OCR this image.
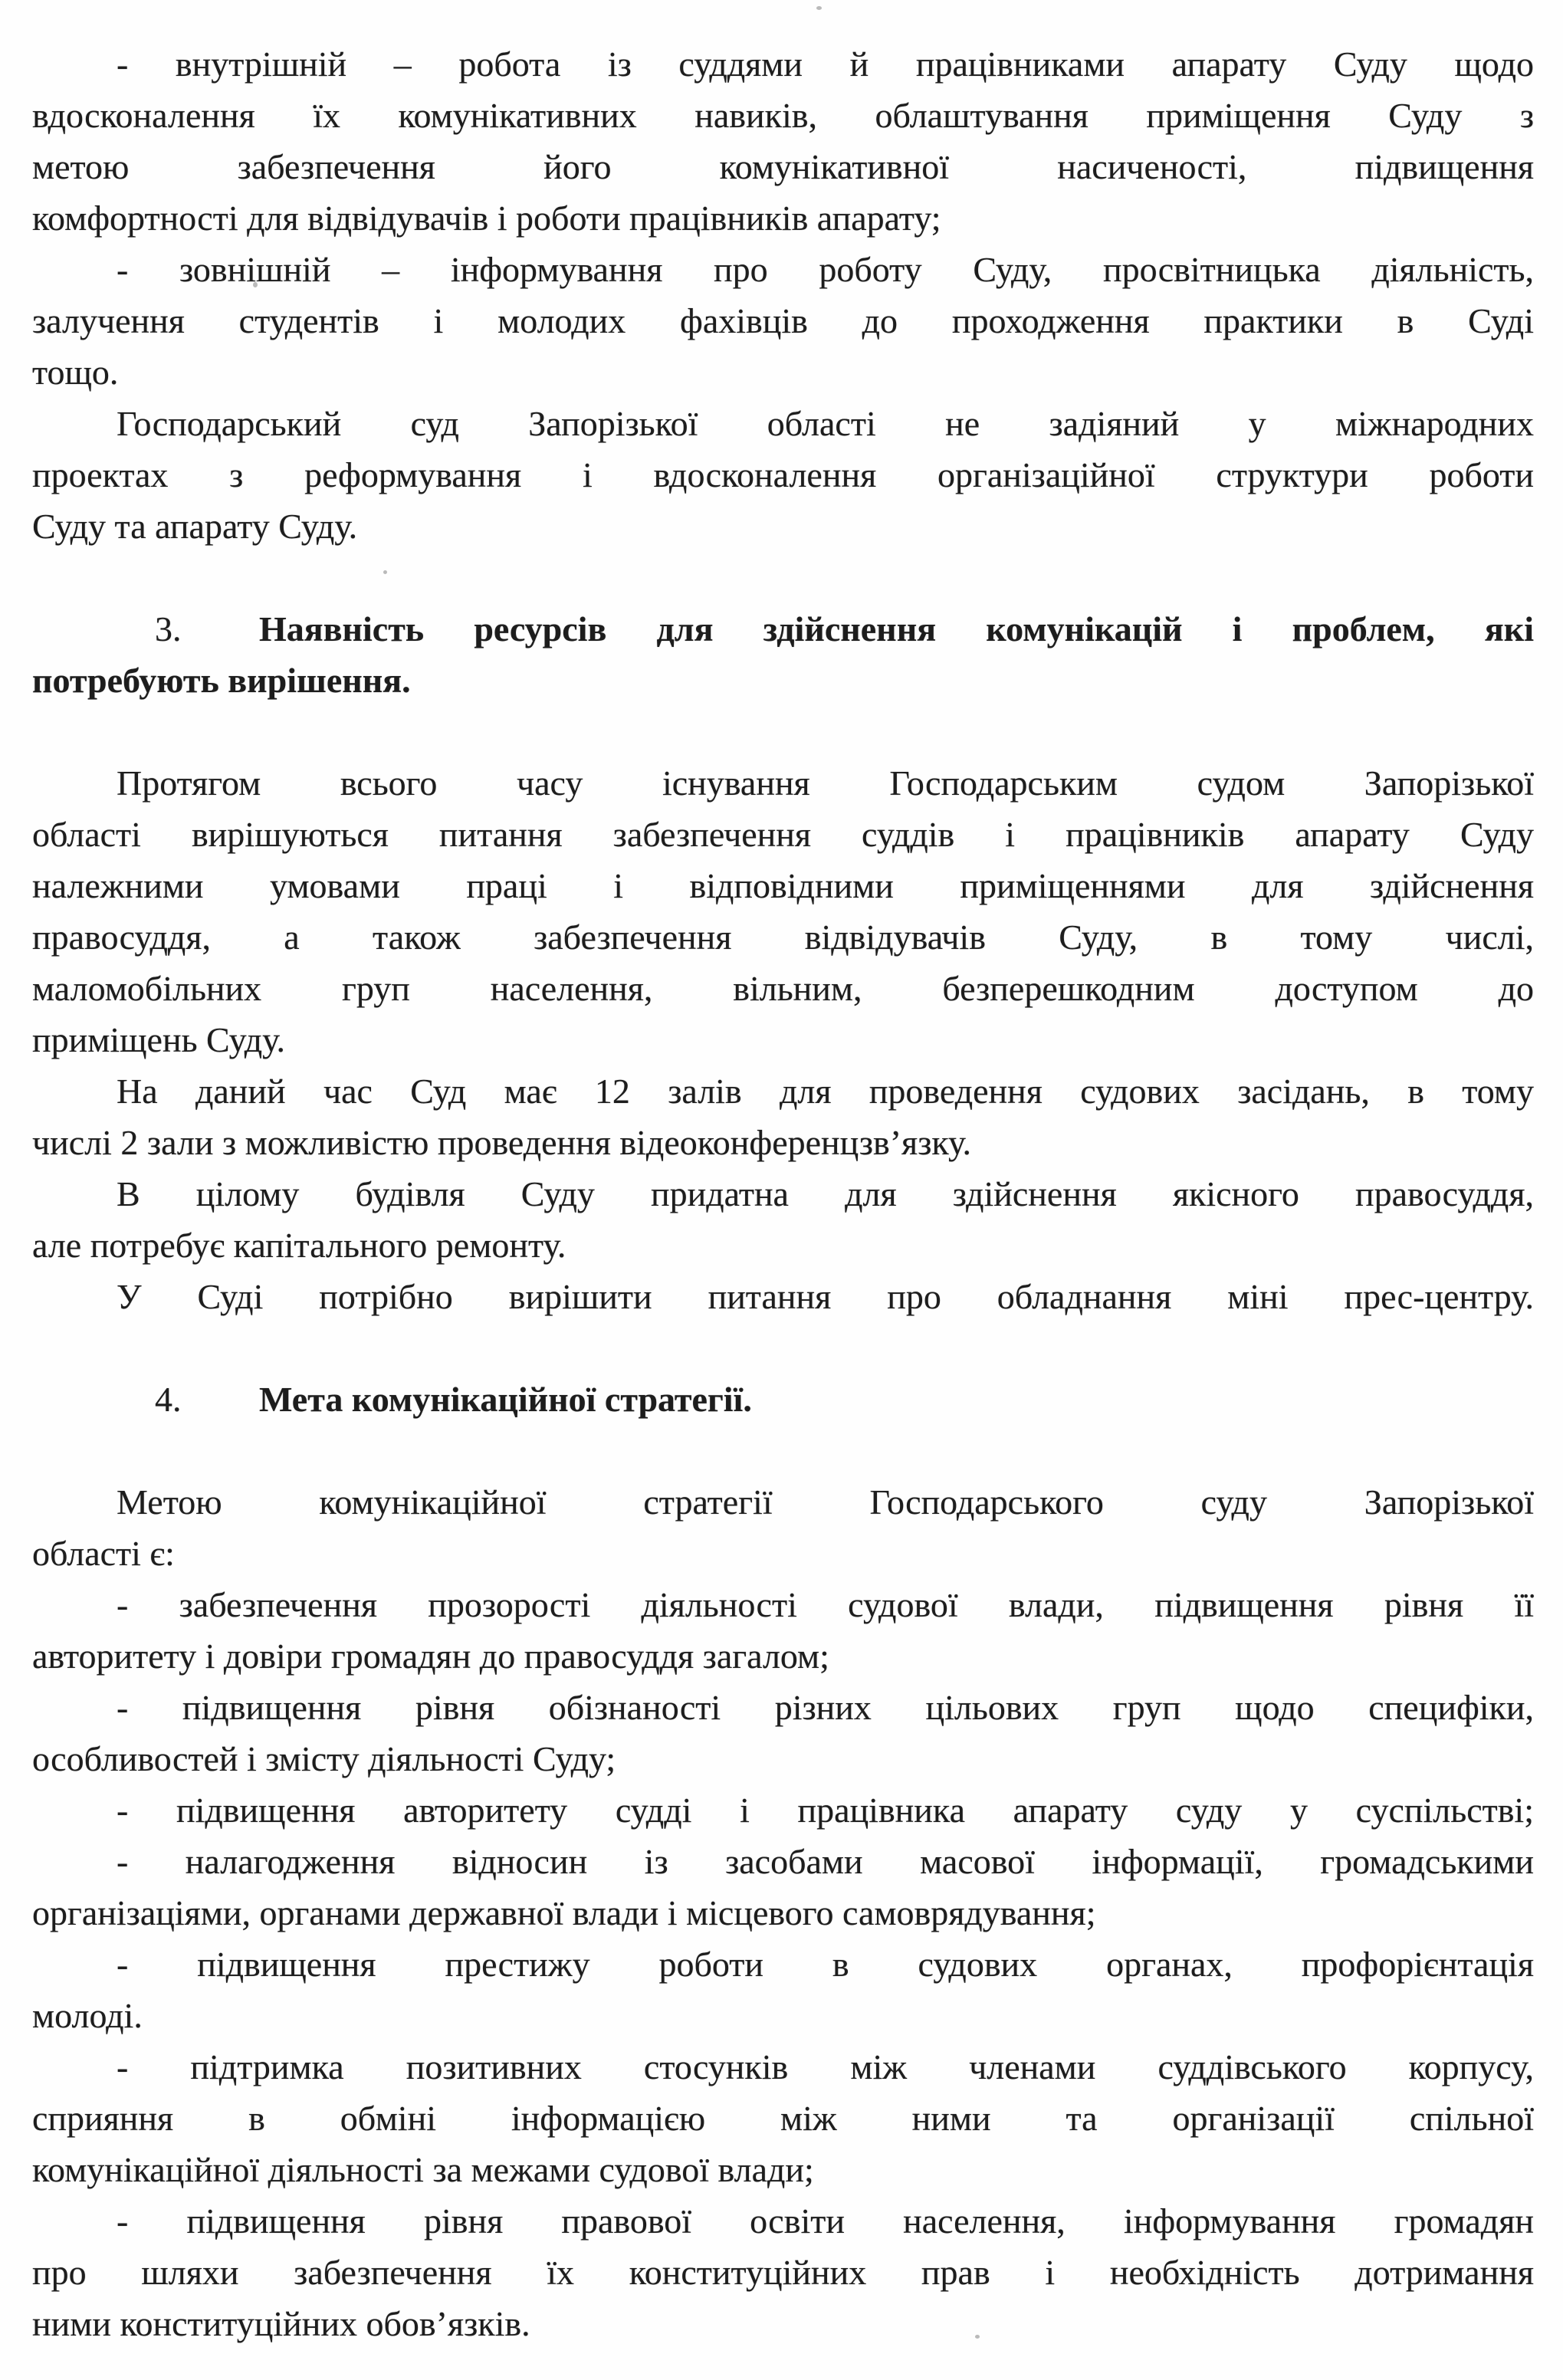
- внутрішній – робота із суддями й працівниками апарату Суду щодо
вдосконалення їх комунікативних навиків, облаштування приміщення Суду з
метою забезпечення його комунікативної насиченості, підвищення
комфортності для відвідувачів і роботи працівників апарату;
- зовнішній – інформування про роботу Суду, просвітницька діяльність,
залучення студентів і молодих фахівців до проходження практики в Суді
тощо.
Господарський суд Запорізької області не задіяний у міжнародних
проектах з реформування і вдосконалення організаційної структури роботи
Суду та апарату Суду.
3. Наявність ресурсів для здійснення комунікацій і проблем, які
потребують вирішення.
Протягом всього часу існування Господарським судом Запорізької
області вирішуються питання забезпечення суддів і працівників апарату Суду
належними умовами праці і відповідними приміщеннями для здійснення
правосуддя, а також забезпечення відвідувачів Суду, в тому числі,
маломобільних груп населення, вільним, безперешкодним доступом до
приміщень Суду.
На даний час Суд має 12 залів для проведення судових засідань, в тому
числі 2 зали з можливістю проведення відеоконференцзв’язку.
В цілому будівля Суду придатна для здійснення якісного правосуддя,
але потребує капітального ремонту.
У Суді потрібно вирішити питання про обладнання міні прес-центру.
4. Мета комунікаційної стратегії.
Метою комунікаційної стратегії Господарського суду Запорізької
області є:
- забезпечення прозорості діяльності судової влади, підвищення рівня її
авторитету і довіри громадян до правосуддя загалом;
- підвищення рівня обізнаності різних цільових груп щодо специфіки,
особливостей і змісту діяльності Суду;
- підвищення авторитету судді і працівника апарату суду у суспільстві;
- налагодження відносин із засобами масової інформації, громадськими
організаціями, органами державної влади і місцевого самоврядування;
- підвищення престижу роботи в судових органах, профорієнтація
молоді.
- підтримка позитивних стосунків між членами суддівського корпусу,
сприяння в обміні інформацією між ними та організації спільної
комунікаційної діяльності за межами судової влади;
- підвищення рівня правової освіти населення, інформування громадян
про шляхи забезпечення їх конституційних прав і необхідність дотримання
ними конституційних обов’язків.
